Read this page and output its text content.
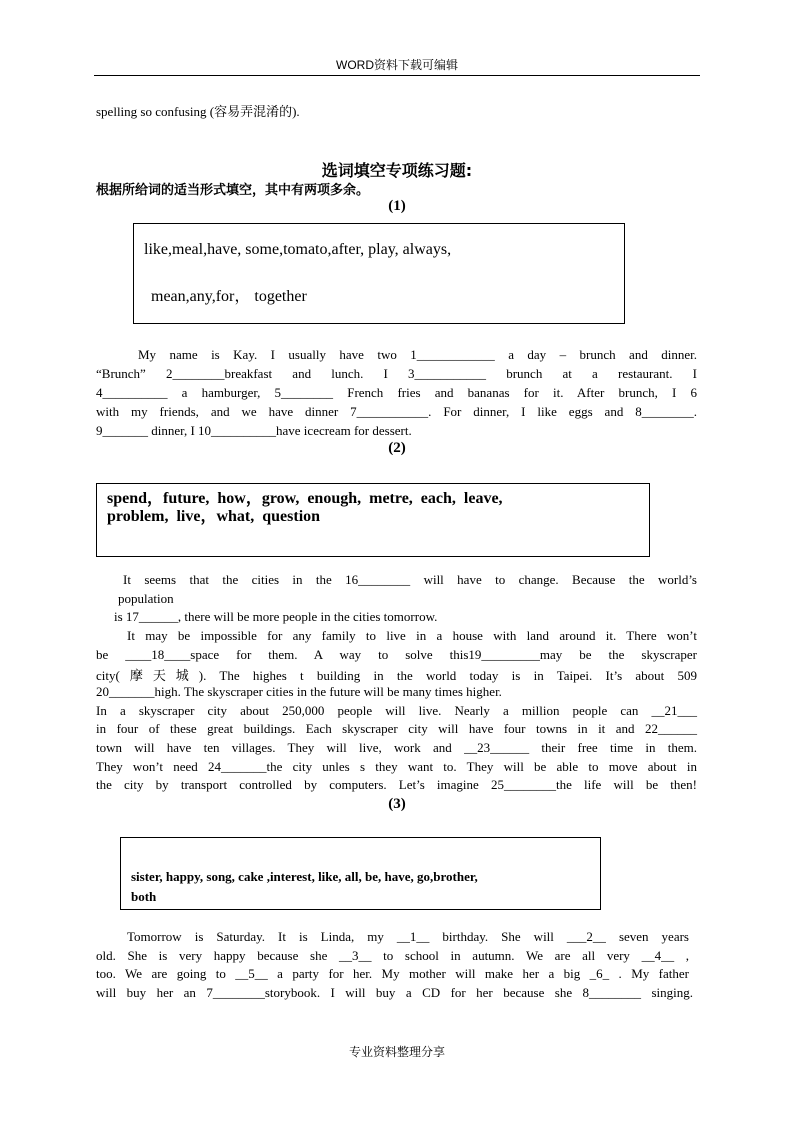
WORD资料下载可编辑
spelling so confusing (容易弄混淆的).
选词填空专项练习题:
根据所给词的适当形式填空，其中有两项多余。
(1)
like,meal,have, some,tomato,after, play, always,
mean,any,for， together
My name is Kay. I usually have two 1____________ a day – brunch and dinner.
“Brunch” 2________breakfast and lunch. I 3___________ brunch at a restaurant. I
4__________ a hamburger, 5________ French fries and bananas for it. After brunch, I 6
with my friends, and we have dinner 7___________. For dinner, I like eggs and 8________.
9_______ dinner, I 10__________have icecream for dessert.
(2)
spend，future, how，grow, enough, metre, each, leave,
problem, live，what, question
It seems that the cities in the 16________ will have to change. Because the world’s
population
is 17______, there will be more people in the cities tomorrow.
It may be impossible for any family to live in a house with land around it. There won’t
be ____18____space for them. A way to solve this19_________may be the skyscraper
city(摩天城). The highes t building in the world today is in Taipei. It’s about 509
20_______high. The skyscraper cities in the future will be many times higher.
In a skyscraper city about 250,000 people will live. Nearly a million people can __21___
in four of these great buildings. Each skyscraper city will have four towns in it and 22______
town will have ten villages. They will live, work and __23______ their free time in them.
They won’t need 24_______the city unles s they want to. They will be able to move about in
the city by transport controlled by computers. Let’s imagine 25________the life will be then!
(3)
sister, happy, song, cake ,interest, like, all, be, have, go,brother,
both
Tomorrow is Saturday. It is Linda, my __1__ birthday. She will ___2__ seven years
old. She is very happy because she __3__ to school in autumn. We are all very __4__ ,
too. We are going to __5__ a party for her. My mother will make her a big _6_ . My father
will buy her an 7________storybook. I will buy a CD for her because she 8________ singing.
专业资料整理分享
